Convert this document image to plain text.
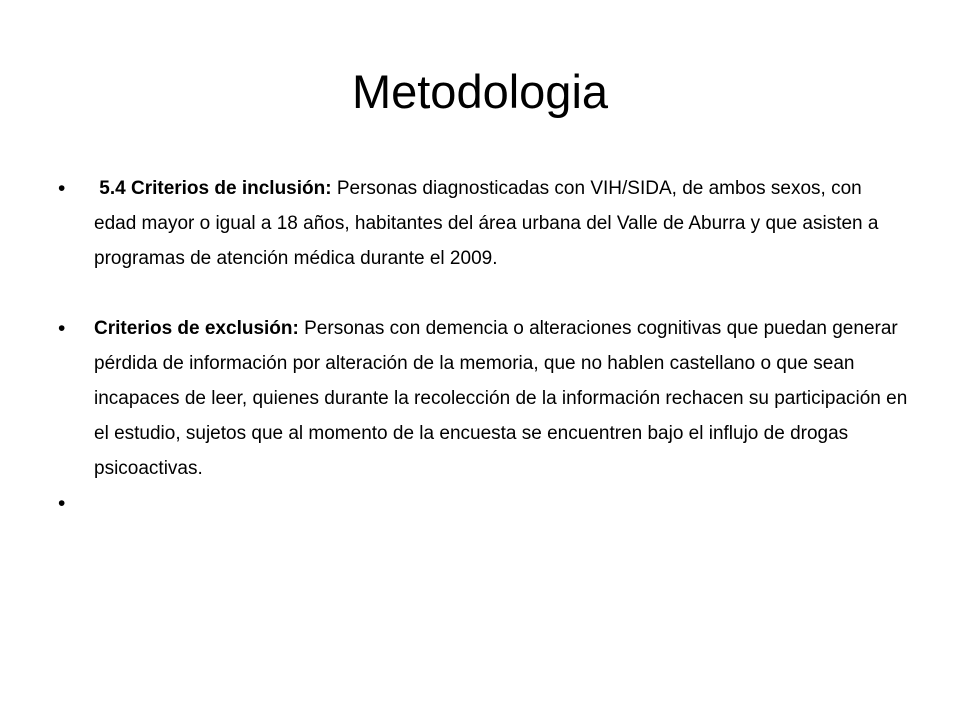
Metodologia
•	5.4 Criterios de inclusión: Personas diagnosticadas con VIH/SIDA, de ambos sexos, con edad mayor o igual a 18 años, habitantes del área urbana del Valle de Aburra y que asisten a programas de atención médica durante el 2009.
•	Criterios de exclusión: Personas con demencia o alteraciones cognitivas que puedan generar pérdida de información por alteración de la memoria, que no hablen castellano o que sean incapaces de leer, quienes durante la recolección de la información rechacen su participación en el estudio, sujetos que al momento de la encuesta se encuentren bajo el influjo de drogas psicoactivas.
•
